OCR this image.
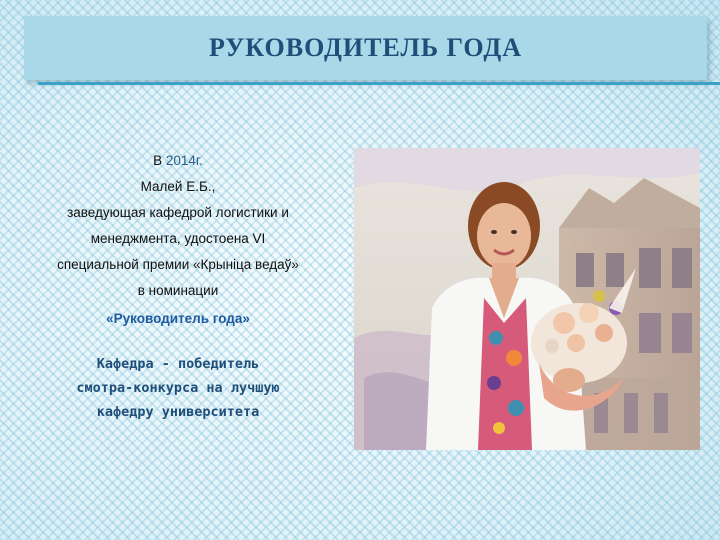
РУКОВОДИТЕЛЬ ГОДА

В 2014г.

Малей Е.Б.,

заведующая кафедрой логистики и

менеджмента, удостоена VI

специальной премии «Крыніца ведаў»

в номинации

«Руководитель года»

Кафедра - победитель

смотра-конкурса на лучшую

кафедру университета
